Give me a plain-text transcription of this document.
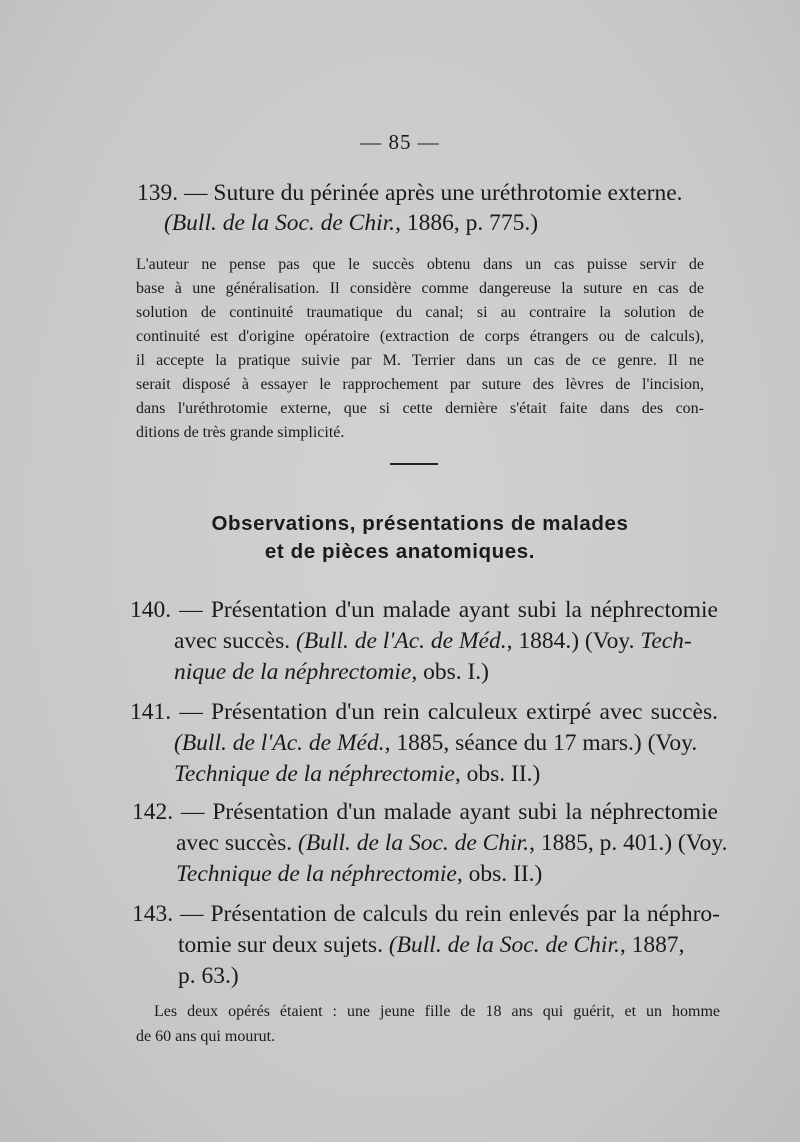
— 85 —
139. — Suture du périnée après une uréthrotomie externe.
(Bull. de la Soc. de Chir., 1886, p. 775.)
L'auteur ne pense pas que le succès obtenu dans un cas puisse servir de
base à une généralisation. Il considère comme dangereuse la suture en cas de
solution de continuité traumatique du canal; si au contraire la solution de
continuité est d'origine opératoire (extraction de corps étrangers ou de calculs),
il accepte la pratique suivie par M. Terrier dans un cas de ce genre. Il ne
serait disposé à essayer le rapprochement par suture des lèvres de l'incision,
dans l'uréthrotomie externe, que si cette dernière s'était faite dans des con-
ditions de très grande simplicité.
Observations, présentations de malades
et de pièces anatomiques.
140. — Présentation d'un malade ayant subi la néphrectomie
avec succès. (Bull. de l'Ac. de Méd., 1884.) (Voy. Tech-
nique de la néphrectomie, obs. I.)
141. — Présentation d'un rein calculeux extirpé avec succès.
(Bull. de l'Ac. de Méd., 1885, séance du 17 mars.) (Voy.
Technique de la néphrectomie, obs. II.)
142. — Présentation d'un malade ayant subi la néphrectomie
avec succès. (Bull. de la Soc. de Chir., 1885, p. 401.) (Voy.
Technique de la néphrectomie, obs. II.)
143. — Présentation de calculs du rein enlevés par la néphro-
tomie sur deux sujets. (Bull. de la Soc. de Chir., 1887,
p. 63.)
Les deux opérés étaient : une jeune fille de 18 ans qui guérit, et un homme
de 60 ans qui mourut.
